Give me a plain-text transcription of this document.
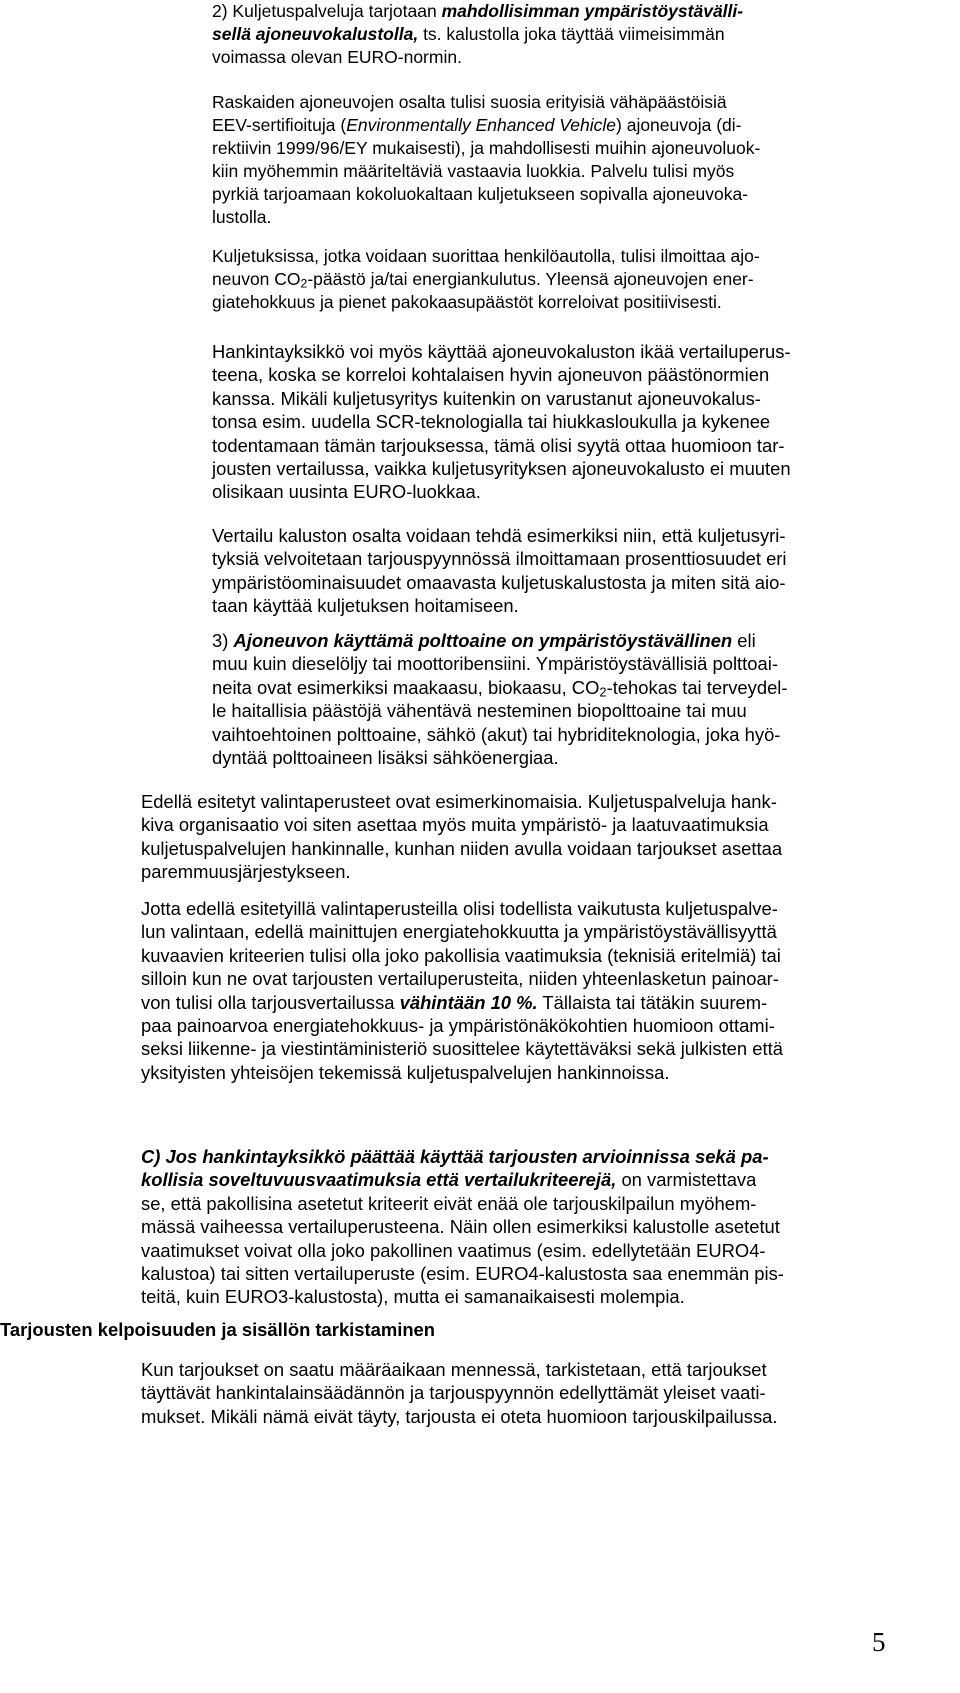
2) Kuljetuspalveluja tarjotaan mahdollisimman ympäristöystävälli-

sellä ajoneuvokalustolla, ts. kalustolla joka täyttää viimeisimmän

voimassa olevan EURO-normin.

Raskaiden ajoneuvojen osalta tulisi suosia erityisiä vähäpäästöisiä

EEV-sertifioituja (Environmentally Enhanced Vehicle) ajoneuvoja (di-

rektiivin 1999/96/EY mukaisesti), ja mahdollisesti muihin ajoneuvoluok-

kiin myöhemmin määriteltäviä vastaavia luokkia. Palvelu tulisi myös

pyrkiä tarjoamaan kokoluokaltaan kuljetukseen sopivalla ajoneuvoka-

lustolla.

Kuljetuksissa, jotka voidaan suorittaa henkilöautolla, tulisi ilmoittaa ajo-

neuvon $CO_2$-päästö ja/tai energiankulutus. Yleensä ajoneuvojen ener-

giatehokkuus ja pienet pakokaasupäästöt korreloivat positiivisesti.

Hankintayksikkö voi myös käyttää ajoneuvokaluston ikää vertailuperus-

teena, koska se korreloi kohtalaisen hyvin ajoneuvon päästönormien

kanssa. Mikäli kuljetusyritys kuitenkin on varustanut ajoneuvokalus-

tonsa esim. uudella SCR-teknologialla tai hiukkasloukulla ja kykenee

todentamaan tämän tarjouksessa, tämä olisi syytä ottaa huomioon tar-

jousten vertailussa, vaikka kuljetusyrityksen ajoneuvokalusto ei muuten

olisikaan uusinta EURO-luokkaa.

Vertailu kaluston osalta voidaan tehdä esimerkiksi niin, että kuljetusyri-

tyksiä velvoitetaan tarjouspyynnössä ilmoittamaan prosenttiosuudet eri

ympäristöominaisuudet omaavasta kuljetuskalustosta ja miten sitä aio-

taan käyttää kuljetuksen hoitamiseen.

3) Ajoneuvon käyttämä polttoaine on ympäristöystävällinen eli

muu kuin dieselöljy tai moottoribensiini. Ympäristöystävällisiä polttoai-

neita ovat esimerkiksi maakaasu, biokaasu, $CO_2$-tehokas tai terveydel-

le haitallisia päästöjä vähentävä nesteminen biopolttoaine tai muu

vaihtoehtoinen polttoaine, sähkö (akut) tai hybriditeknologia, joka hyö-

dyntää polttoaineen lisäksi sähköenergiaa.

Edellä esitetyt valintaperusteet ovat esimerkinomaisia. Kuljetuspalveluja hank-

kiva organisaatio voi siten asettaa myös muita ympäristö- ja laatuvaatimuksia

kuljetuspalvelujen hankinnalle, kunhan niiden avulla voidaan tarjoukset asettaa

paremmuusjärjestykseen.

Jotta edellä esitetyillä valintaperusteilla olisi todellista vaikutusta kuljetuspalve-

lun valintaan, edellä mainittujen energiatehokkuutta ja ympäristöystävällisyyttä

kuvaavien kriteerien tulisi olla joko pakollisia vaatimuksia (teknisiä eritelmiä) tai

silloin kun ne ovat tarjousten vertailuperusteita, niiden yhteenlasketun painoar-

von tulisi olla tarjousvertailussa vähintään 10 %. Tällaista tai tätäkin suurem-

paa painoarvoa energiatehokkuus- ja ympäristönäkökohtien huomioon ottami-

seksi liikenne- ja viestintäministeriö suosittelee käytettäväksi sekä julkisten että

yksityisten yhteisöjen tekemissä kuljetuspalvelujen hankinnoissa.

C) Jos hankintayksikkö päättää käyttää tarjousten arvioinnissa sekä pa-

kollisia soveltuvuusvaatimuksia että vertailukriteerejä, on varmistettava

se, että pakollisina asetetut kriteerit eivät enää ole tarjouskilpailun myöhem-

mässä vaiheessa vertailuperusteena. Näin ollen esimerkiksi kalustolle asetetut

vaatimukset voivat olla joko pakollinen vaatimus (esim. edellytetään EURO4-

kalustoa) tai sitten vertailuperuste (esim. EURO4-kalustosta saa enemmän pis-

teitä, kuin EURO3-kalustosta), mutta ei samanaikaisesti molempia.

Tarjousten kelpoisuuden ja sisällön tarkistaminen

Kun tarjoukset on saatu määräaikaan mennessä, tarkistetaan, että tarjoukset

täyttävät hankintalainsäädännön ja tarjouspyynnön edellyttämät yleiset vaati-

mukset. Mikäli nämä eivät täyty, tarjousta ei oteta huomioon tarjouskilpailussa.

5
